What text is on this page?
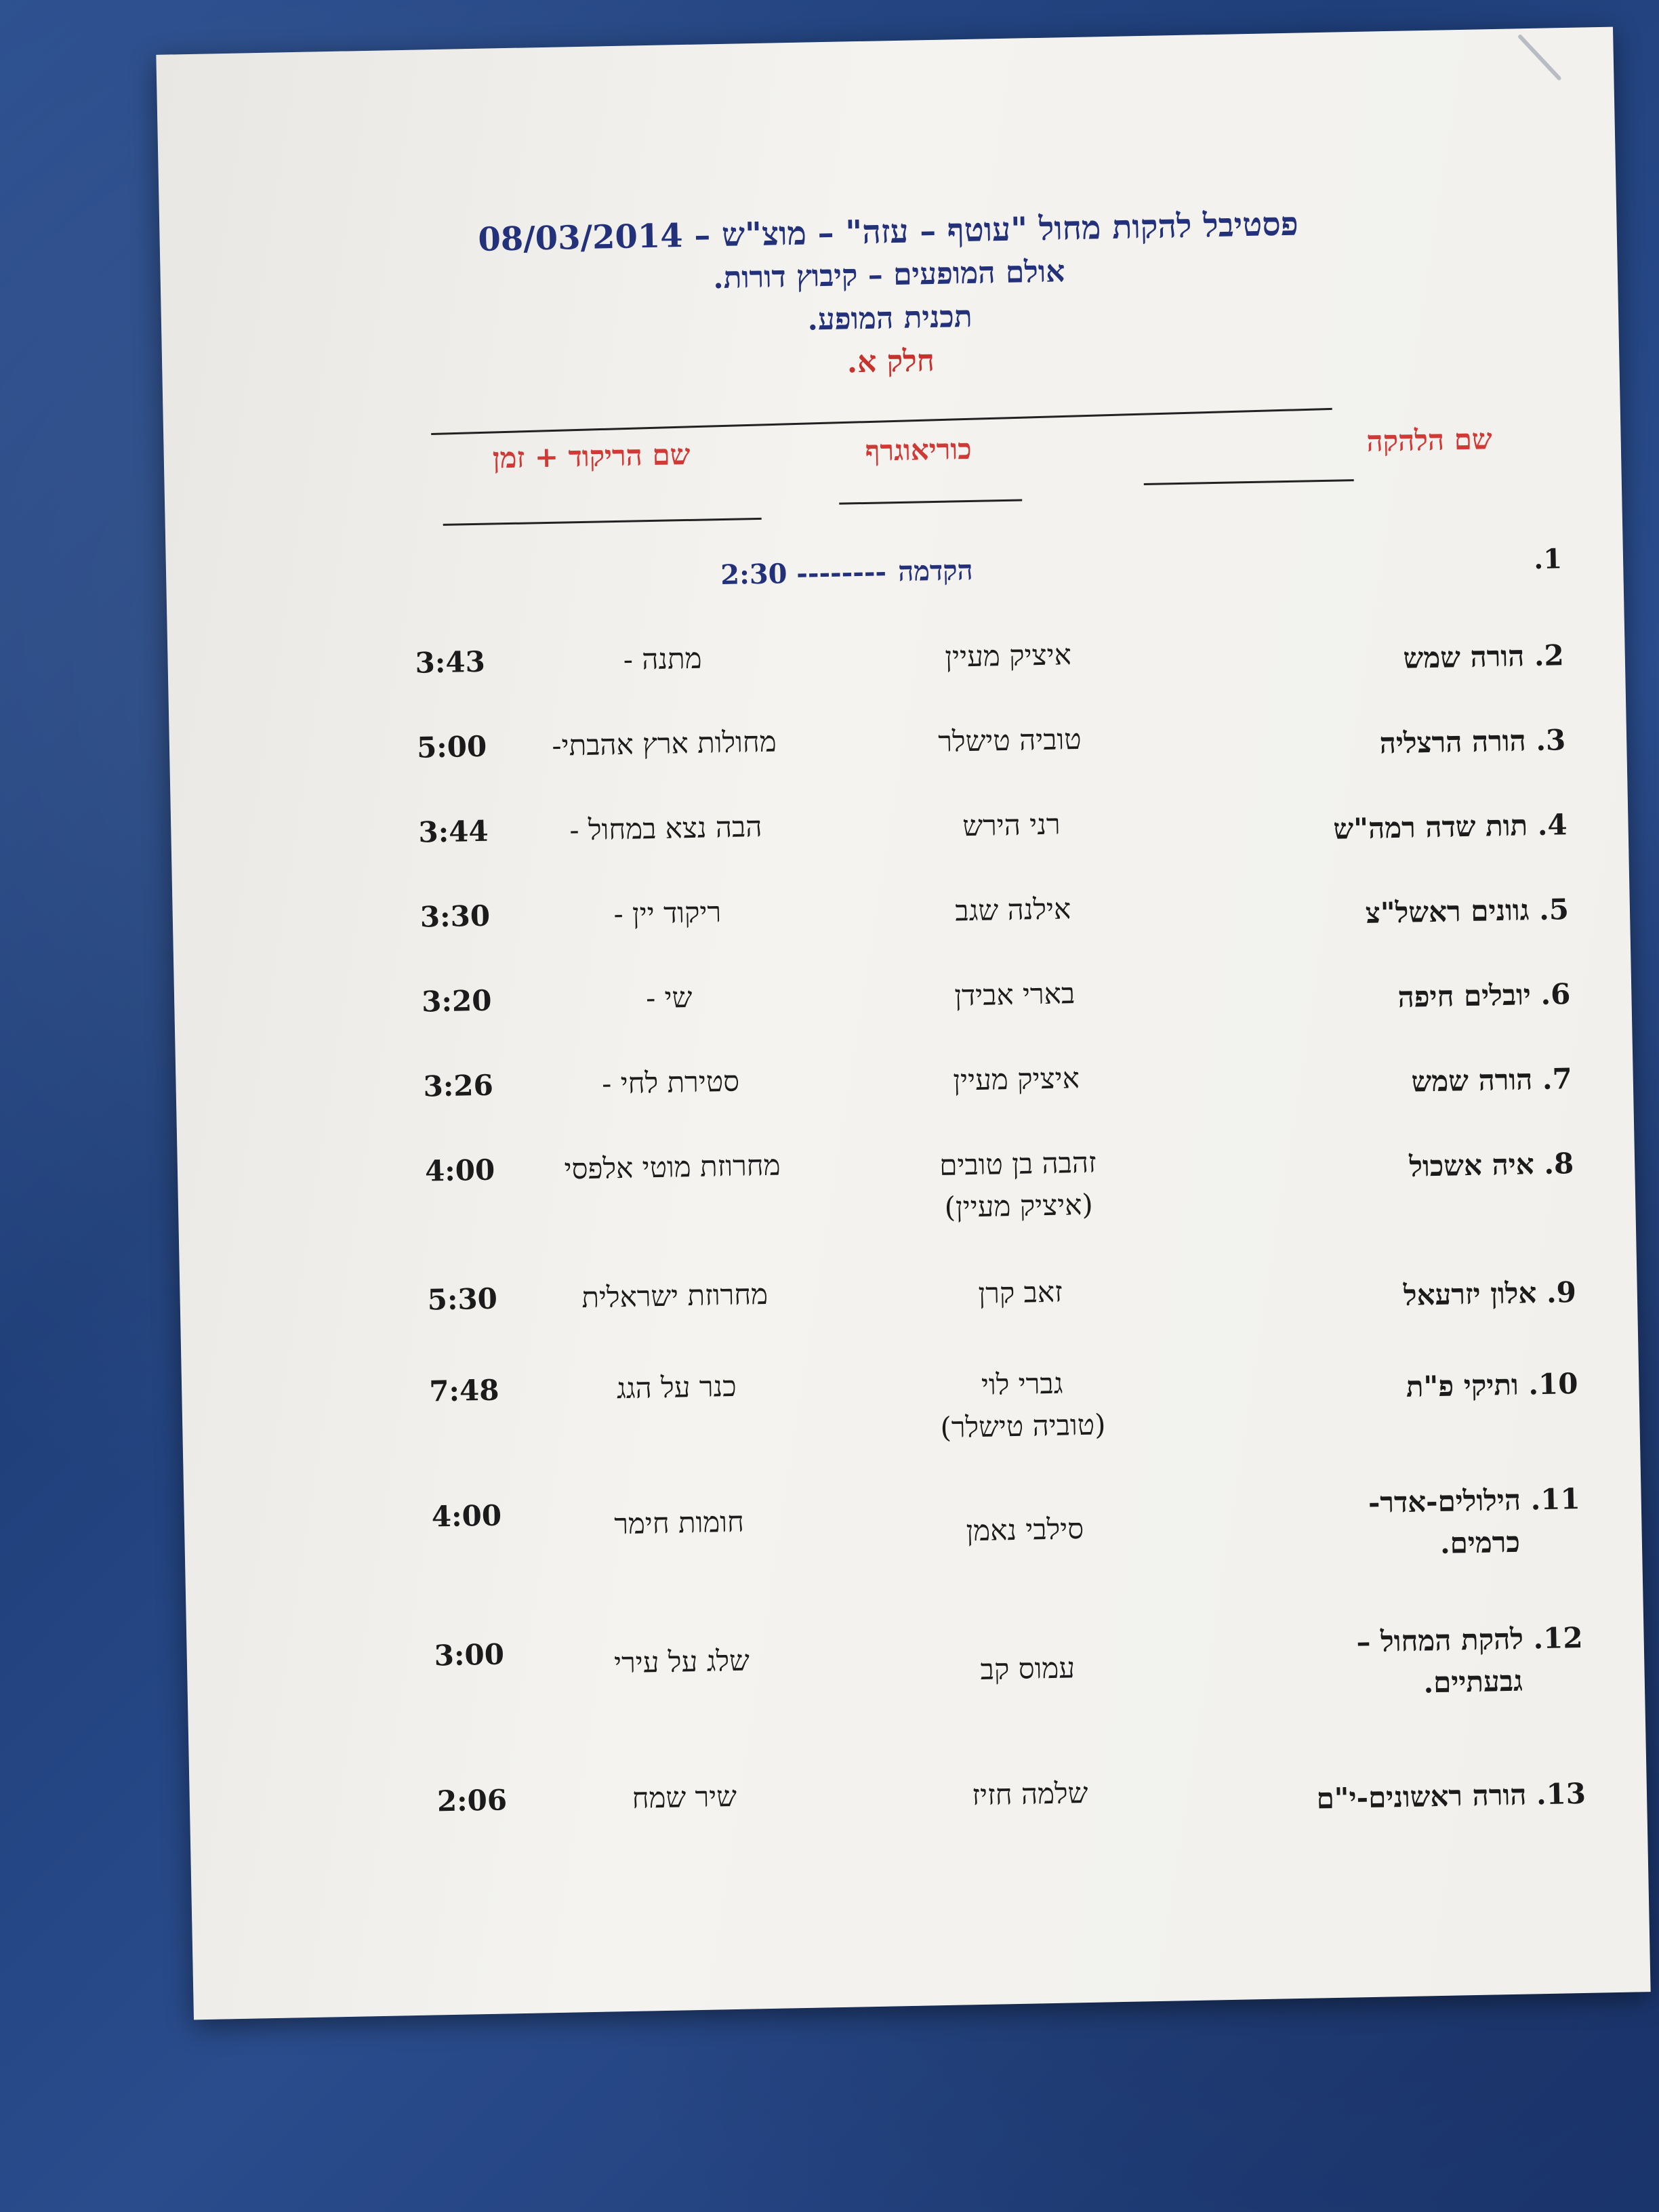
פסטיבל להקות מחול "עוטף – עזה" – מוצ"ש – 08/03/2014
אולם המופעים – קיבוץ דורות.
תכנית המופע.
חלק א.
שם הלהקה
כוריאוגרף
שם הריקוד + זמן
1.
הקדמה
--------
2:30
2. הורה שמש
איציק מעיין
מתנה -
3:43
3. הורה הרצליה
טוביה טישלר
מחולות ארץ אהבתי-
5:00
4. תות שדה רמה"ש
רני הירש
הבה נצא במחול -
3:44
5. גוונים ראשל"צ
אילנה שגב
ריקוד יין -
3:30
6. יובלים חיפה
בארי אבידן
שי -
3:20
7. הורה שמש
איציק מעיין
סטירת לחי -
3:26
8. איה אשכול
זהבה בן טובים
(איציק מעיין)
מחרוזת מוטי אלפסי
4:00
9. אלון יזרעאל
זאב קרן
מחרוזת ישראלית
5:30
10. ותיקי פ"ת
גברי לוי
(טוביה טישלר)
כנר על הגג
7:48
11. הילולים-אדר-
כרמים.
סילבי נאמן
חומות חימר
4:00
12. להקת המחול –
גבעתיים.
עמוס קב
שלג על עירי
3:00
13. הורה ראשונים-י"ם
שלמה חזיז
שיר שמח
2:06
